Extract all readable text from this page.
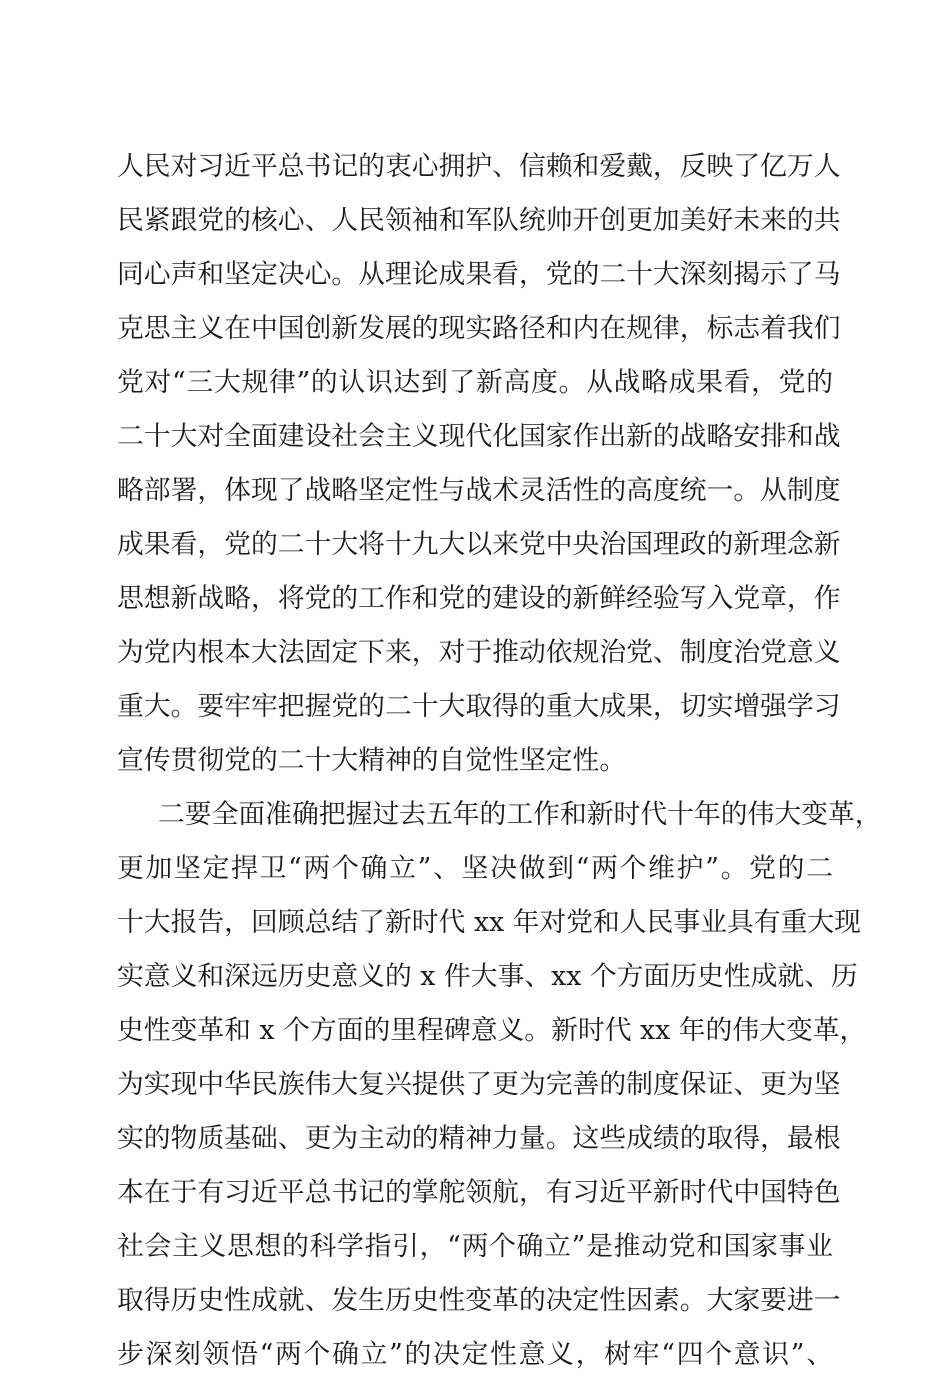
人民对习近平总书记的衷心拥护、信赖和爱戴，反映了亿万人
民紧跟党的核心、人民领袖和军队统帅开创更加美好未来的共
同心声和坚定决心。从理论成果看，党的二十大深刻揭示了马
克思主义在中国创新发展的现实路径和内在规律，标志着我们
党对“三大规律”的认识达到了新高度。从战略成果看，党的
二十大对全面建设社会主义现代化国家作出新的战略安排和战
略部署，体现了战略坚定性与战术灵活性的高度统一。从制度
成果看，党的二十大将十九大以来党中央治国理政的新理念新
思想新战略，将党的工作和党的建设的新鲜经验写入党章，作
为党内根本大法固定下来，对于推动依规治党、制度治党意义
重大。要牢牢把握党的二十大取得的重大成果，切实增强学习
宣传贯彻党的二十大精神的自觉性坚定性。
二要全面准确把握过去五年的工作和新时代十年的伟大变革，
更加坚定捍卫“两个确立”、坚决做到“两个维护”。党的二
十大报告，回顾总结了新时代 xx 年对党和人民事业具有重大现
实意义和深远历史意义的 x 件大事、xx 个方面历史性成就、历
史性变革和 x 个方面的里程碑意义。新时代 xx 年的伟大变革，
为实现中华民族伟大复兴提供了更为完善的制度保证、更为坚
实的物质基础、更为主动的精神力量。这些成绩的取得，最根
本在于有习近平总书记的掌舵领航，有习近平新时代中国特色
社会主义思想的科学指引，“两个确立”是推动党和国家事业
取得历史性成就、发生历史性变革的决定性因素。大家要进一
步深刻领悟“两个确立”的决定性意义，树牢“四个意识”、
